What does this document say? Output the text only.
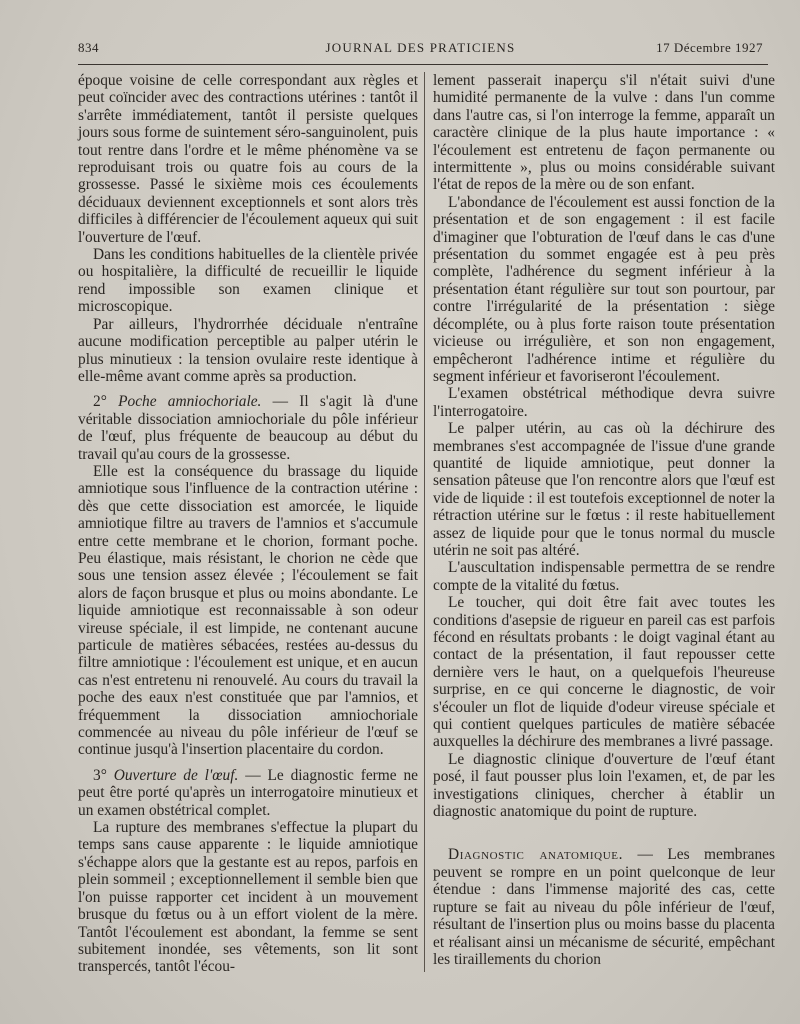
834	JOURNAL DES PRATICIENS	17 Décembre 1927

époque voisine de celle correspondant aux règles et peut coïncider avec des contractions utérines : tantôt il s'arrête immédiatement, tantôt il persiste quelques jours sous forme de suintement séro-sanguinolent, puis tout rentre dans l'ordre et le même phénomène va se reproduisant trois ou quatre fois au cours de la grossesse. Passé le sixième mois ces écoulements déciduaux deviennent exceptionnels et sont alors très difficiles à différencier de l'écoulement aqueux qui suit l'ouverture de l'œuf.

Dans les conditions habituelles de la clientèle privée ou hospitalière, la difficulté de recueillir le liquide rend impossible son examen clinique et microscopique.

Par ailleurs, l'hydrorrhée déciduale n'entraîne aucune modification perceptible au palper utérin le plus minutieux : la tension ovulaire reste identique à elle-même avant comme après sa production.

2° Poche amniochoriale. — Il s'agit là d'une véritable dissociation amniochoriale du pôle inférieur de l'œuf, plus fréquente de beaucoup au début du travail qu'au cours de la grossesse.

Elle est la conséquence du brassage du liquide amniotique sous l'influence de la contraction utérine : dès que cette dissociation est amorcée, le liquide amniotique filtre au travers de l'amnios et s'accumule entre cette membrane et le chorion, formant poche. Peu élastique, mais résistant, le chorion ne cède que sous une tension assez élevée ; l'écoulement se fait alors de façon brusque et plus ou moins abondante. Le liquide amniotique est reconnaissable à son odeur vireuse spéciale, il est limpide, ne contenant aucune particule de matières sébacées, restées au-dessus du filtre amniotique : l'écoulement est unique, et en aucun cas n'est entretenu ni renouvelé. Au cours du travail la poche des eaux n'est constituée que par l'amnios, et fréquemment la dissociation amniochoriale commencée au niveau du pôle inférieur de l'œuf se continue jusqu'à l'insertion placentaire du cordon.

3° Ouverture de l'œuf. — Le diagnostic ferme ne peut être porté qu'après un interrogatoire minutieux et un examen obstétrical complet.

La rupture des membranes s'effectue la plupart du temps sans cause apparente : le liquide amniotique s'échappe alors que la gestante est au repos, parfois en plein sommeil ; exceptionnellement il semble bien que l'on puisse rapporter cet incident à un mouvement brusque du fœtus ou à un effort violent de la mère. Tantôt l'écoulement est abondant, la femme se sent subitement inondée, ses vêtements, son lit sont transpercés, tantôt l'écou-

lement passerait inaperçu s'il n'était suivi d'une humidité permanente de la vulve : dans l'un comme dans l'autre cas, si l'on interroge la femme, apparaît un caractère clinique de la plus haute importance : « l'écoulement est entretenu de façon permanente ou intermittente », plus ou moins considérable suivant l'état de repos de la mère ou de son enfant.

L'abondance de l'écoulement est aussi fonction de la présentation et de son engagement : il est facile d'imaginer que l'obturation de l'œuf dans le cas d'une présentation du sommet engagée est à peu près complète, l'adhérence du segment inférieur à la présentation étant régulière sur tout son pourtour, par contre l'irrégularité de la présentation : siège décompléte, ou à plus forte raison toute présentation vicieuse ou irrégulière, et son non engagement, empêcheront l'adhérence intime et régulière du segment inférieur et favoriseront l'écoulement.

L'examen obstétrical méthodique devra suivre l'interrogatoire.

Le palper utérin, au cas où la déchirure des membranes s'est accompagnée de l'issue d'une grande quantité de liquide amniotique, peut donner la sensation pâteuse que l'on rencontre alors que l'œuf est vide de liquide : il est toutefois exceptionnel de noter la rétraction utérine sur le fœtus : il reste habituellement assez de liquide pour que le tonus normal du muscle utérin ne soit pas altéré.

L'auscultation indispensable permettra de se rendre compte de la vitalité du fœtus.

Le toucher, qui doit être fait avec toutes les conditions d'asepsie de rigueur en pareil cas est parfois fécond en résultats probants : le doigt vaginal étant au contact de la présentation, il faut repousser cette dernière vers le haut, on a quelquefois l'heureuse surprise, en ce qui concerne le diagnostic, de voir s'écouler un flot de liquide d'odeur vireuse spéciale et qui contient quelques particules de matière sébacée auxquelles la déchirure des membranes a livré passage.

Le diagnostic clinique d'ouverture de l'œuf étant posé, il faut pousser plus loin l'examen, et, de par les investigations cliniques, chercher à établir un diagnostic anatomique du point de rupture.

Diagnostic anatomique. — Les membranes peuvent se rompre en un point quelconque de leur étendue : dans l'immense majorité des cas, cette rupture se fait au niveau du pôle inférieur de l'œuf, résultant de l'insertion plus ou moins basse du placenta et réalisant ainsi un mécanisme de sécurité, empêchant les tiraillements du chorion
